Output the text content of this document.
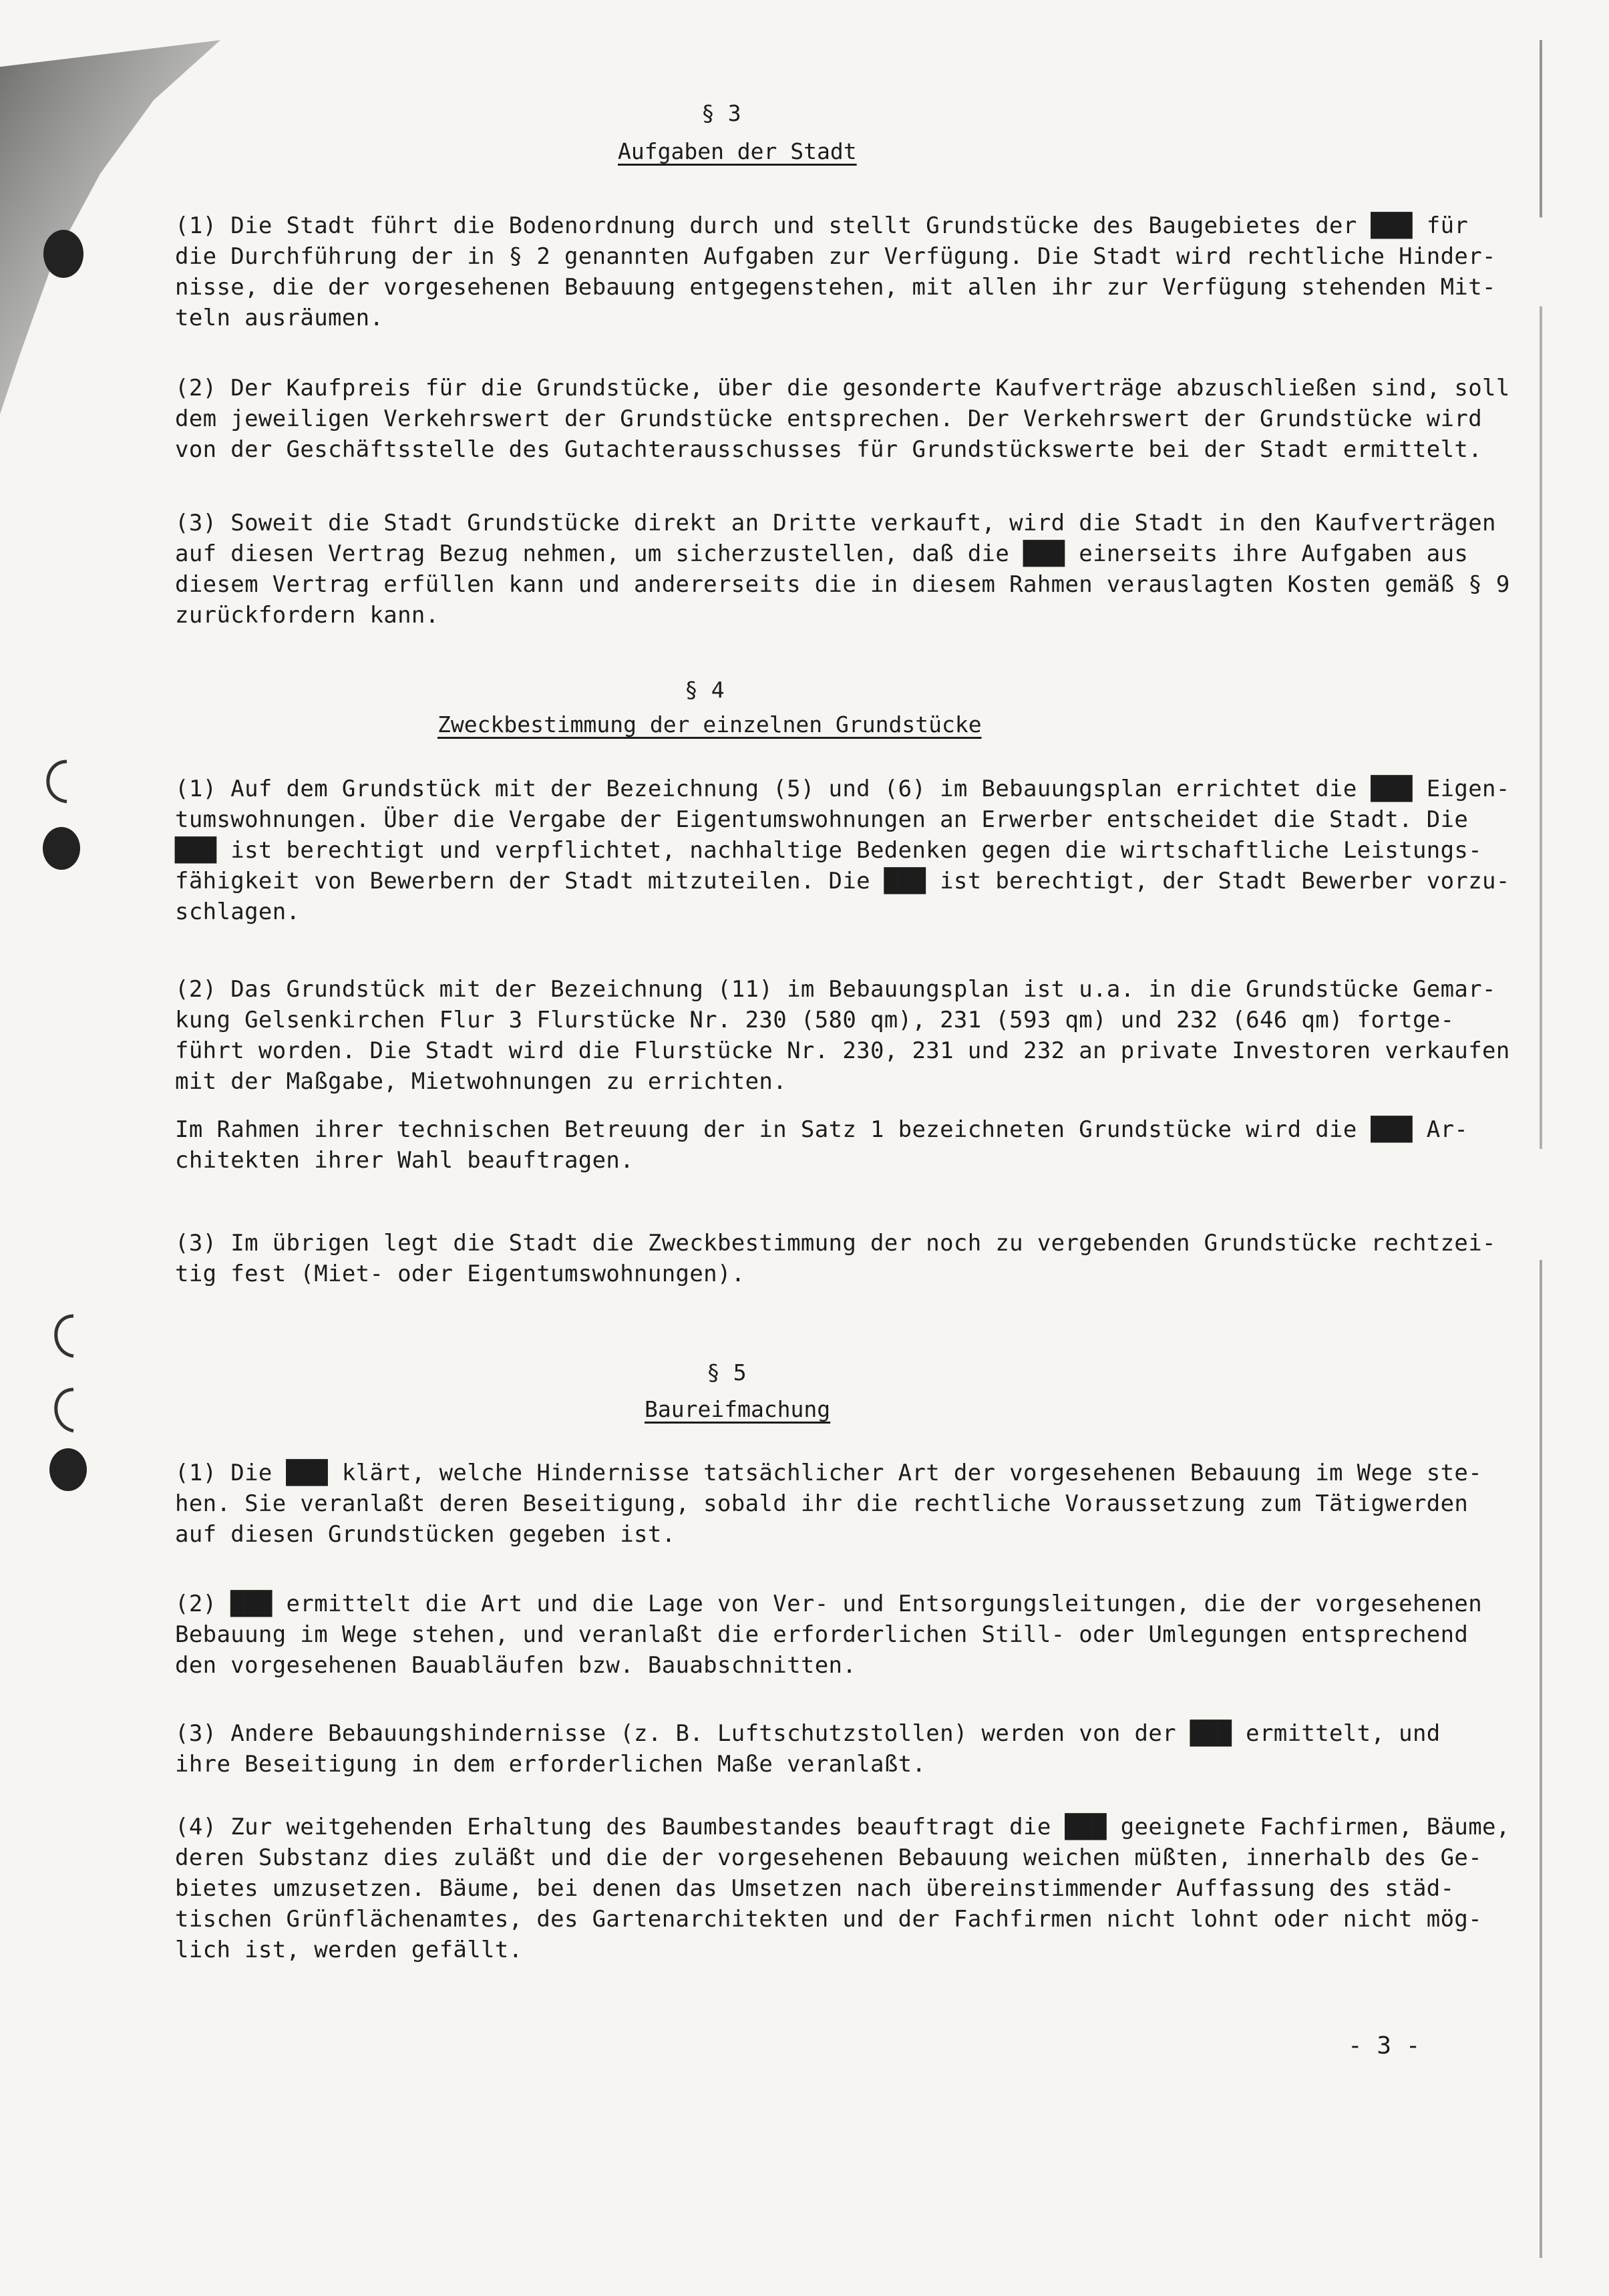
§ 3
Aufgaben der Stadt
(1) Die Stadt führt die Bodenordnung durch und stellt Grundstücke des Baugebietes der ███ für
die Durchführung der in § 2 genannten Aufgaben zur Verfügung. Die Stadt wird rechtliche Hinder-
nisse, die der vorgesehenen Bebauung entgegenstehen, mit allen ihr zur Verfügung stehenden Mit-
teln ausräumen.
(2) Der Kaufpreis für die Grundstücke, über die gesonderte Kaufverträge abzuschließen sind, soll
dem jeweiligen Verkehrswert der Grundstücke entsprechen. Der Verkehrswert der Grundstücke wird
von der Geschäftsstelle des Gutachterausschusses für Grundstückswerte bei der Stadt ermittelt.
(3) Soweit die Stadt Grundstücke direkt an Dritte verkauft, wird die Stadt in den Kaufverträgen
auf diesen Vertrag Bezug nehmen, um sicherzustellen, daß die ███ einerseits ihre Aufgaben aus
diesem Vertrag erfüllen kann und andererseits die in diesem Rahmen verauslagten Kosten gemäß § 9
zurückfordern kann.
§ 4
Zweckbestimmung der einzelnen Grundstücke
(1) Auf dem Grundstück mit der Bezeichnung (5) und (6) im Bebauungsplan errichtet die ███ Eigen-
tumswohnungen. Über die Vergabe der Eigentumswohnungen an Erwerber entscheidet die Stadt. Die
███ ist berechtigt und verpflichtet, nachhaltige Bedenken gegen die wirtschaftliche Leistungs-
fähigkeit von Bewerbern der Stadt mitzuteilen. Die ███ ist berechtigt, der Stadt Bewerber vorzu-
schlagen.
(2) Das Grundstück mit der Bezeichnung (11) im Bebauungsplan ist u.a. in die Grundstücke Gemar-
kung Gelsenkirchen Flur 3 Flurstücke Nr. 230 (580 qm), 231 (593 qm) und 232 (646 qm) fortge-
führt worden. Die Stadt wird die Flurstücke Nr. 230, 231 und 232 an private Investoren verkaufen
mit der Maßgabe, Mietwohnungen zu errichten.
Im Rahmen ihrer technischen Betreuung der in Satz 1 bezeichneten Grundstücke wird die ███ Ar-
chitekten ihrer Wahl beauftragen.
(3) Im übrigen legt die Stadt die Zweckbestimmung der noch zu vergebenden Grundstücke rechtzei-
tig fest (Miet- oder Eigentumswohnungen).
§ 5
Baureifmachung
(1) Die ███ klärt, welche Hindernisse tatsächlicher Art der vorgesehenen Bebauung im Wege ste-
hen. Sie veranlaßt deren Beseitigung, sobald ihr die rechtliche Voraussetzung zum Tätigwerden
auf diesen Grundstücken gegeben ist.
(2) ███ ermittelt die Art und die Lage von Ver- und Entsorgungsleitungen, die der vorgesehenen
Bebauung im Wege stehen, und veranlaßt die erforderlichen Still- oder Umlegungen entsprechend
den vorgesehenen Bauabläufen bzw. Bauabschnitten.
(3) Andere Bebauungshindernisse (z. B. Luftschutzstollen) werden von der ███ ermittelt, und
ihre Beseitigung in dem erforderlichen Maße veranlaßt.
(4) Zur weitgehenden Erhaltung des Baumbestandes beauftragt die ███ geeignete Fachfirmen, Bäume,
deren Substanz dies zuläßt und die der vorgesehenen Bebauung weichen müßten, innerhalb des Ge-
bietes umzusetzen. Bäume, bei denen das Umsetzen nach übereinstimmender Auffassung des städ-
tischen Grünflächenamtes, des Gartenarchitekten und der Fachfirmen nicht lohnt oder nicht mög-
lich ist, werden gefällt.
- 3 -
